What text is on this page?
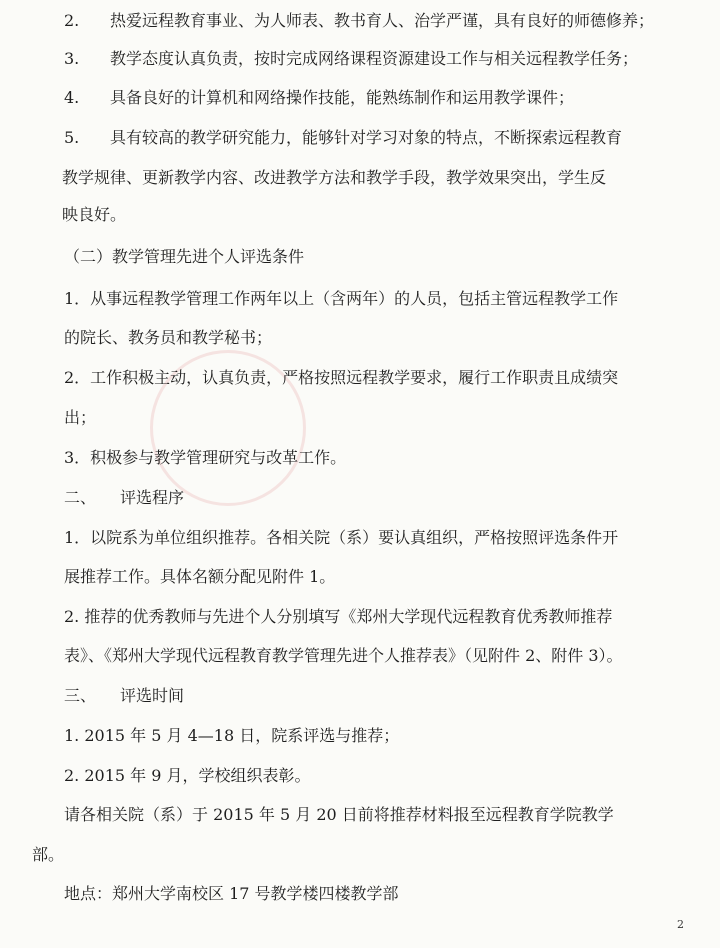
2. 热爱远程教育事业、为人师表、教书育人、治学严谨，具有良好的师德修养；
3. 教学态度认真负责，按时完成网络课程资源建设工作与相关远程教学任务；
4. 具备良好的计算机和网络操作技能，能熟练制作和运用教学课件；
5. 具有较高的教学研究能力，能够针对学习对象的特点，不断探索远程教育
教学规律、更新教学内容、改进教学方法和教学手段，教学效果突出，学生反
映良好。
（二）教学管理先进个人评选条件
1．从事远程教学管理工作两年以上（含两年）的人员，包括主管远程教学工作
的院长、教务员和教学秘书；
2．工作积极主动，认真负责，严格按照远程教学要求，履行工作职责且成绩突
出；
3．积极参与教学管理研究与改革工作。
二、 评选程序
1．以院系为单位组织推荐。各相关院（系）要认真组织，严格按照评选条件开
展推荐工作。具体名额分配见附件 1。
2. 推荐的优秀教师与先进个人分别填写《郑州大学现代远程教育优秀教师推荐
表》、《郑州大学现代远程教育教学管理先进个人推荐表》（见附件 2、附件 3）。
三、 评选时间
1. 2015 年 5 月 4—18 日，院系评选与推荐；
2. 2015 年 9 月，学校组织表彰。
请各相关院（系）于 2015 年 5 月 20 日前将推荐材料报至远程教育学院教学
部。
地点：郑州大学南校区 17 号教学楼四楼教学部
2
